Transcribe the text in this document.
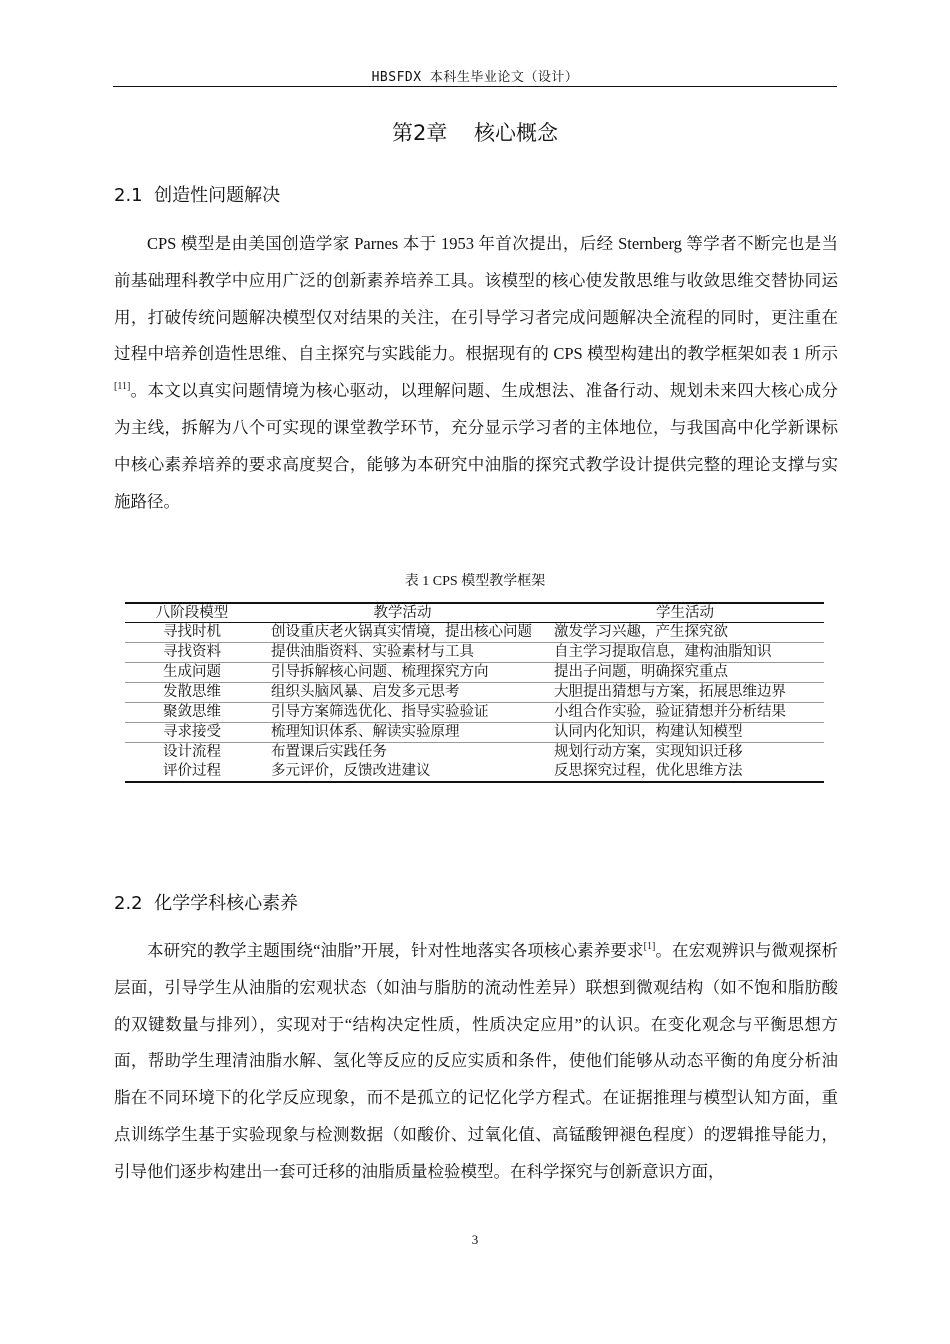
HBSFDX 本科生毕业论文（设计）
第2章    核心概念
2.1  创造性问题解决

CPS 模型是由美国创造学家 Parnes 本于 1953 年首次提出，后经 Sternberg 等学者不断完也是当前基础理科教学中应用广泛的创新素养培养工具。该模型的核心使发散思维与收敛思维交替协同运用，打破传统问题解决模型仅对结果的关注，在引导学习者完成问题解决全流程的同时，更注重在过程中培养创造性思维、自主探究与实践能力。根据现有的 CPS 模型构建出的教学框架如表 1 所示[11]。本文以真实问题情境为核心驱动，以理解问题、生成想法、准备行动、规划未来四大核心成分为主线，拆解为八个可实现的课堂教学环节，充分显示学习者的主体地位，与我国高中化学新课标中核心素养培养的要求高度契合，能够为本研究中油脂的探究式教学设计提供完整的理论支撑与实施路径。

表 1 CPS 模型教学框架
八阶段模型	教学活动	学生活动
寻找时机	创设重庆老火锅真实情境，提出核心问题	激发学习兴趣，产生探究欲
寻找资料	提供油脂资料、实验素材与工具	自主学习提取信息，建构油脂知识
生成问题	引导拆解核心问题、梳理探究方向	提出子问题，明确探究重点
发散思维	组织头脑风暴、启发多元思考	大胆提出猜想与方案，拓展思维边界
聚敛思维	引导方案筛选优化、指导实验验证	小组合作实验，验证猜想并分析结果
寻求接受	梳理知识体系、解读实验原理	认同内化知识，构建认知模型
设计流程	布置课后实践任务	规划行动方案，实现知识迁移
评价过程	多元评价，反馈改进建议	反思探究过程，优化思维方法
2.2  化学学科核心素养

本研究的教学主题围绕“油脂”开展，针对性地落实各项核心素养要求[1]。在宏观辨识与微观探析层面，引导学生从油脂的宏观状态（如油与脂肪的流动性差异）联想到微观结构（如不饱和脂肪酸的双键数量与排列），实现对于“结构决定性质，性质决定应用”的认识。在变化观念与平衡思想方面，帮助学生理清油脂水解、氢化等反应的反应实质和条件，使他们能够从动态平衡的角度分析油脂在不同环境下的化学反应现象，而不是孤立的记忆化学方程式。在证据推理与模型认知方面，重点训练学生基于实验现象与检测数据（如酸价、过氧化值、高锰酸钾褪色程度）的逻辑推导能力，引导他们逐步构建出一套可迁移的油脂质量检验模型。在科学探究与创新意识方面，

3
